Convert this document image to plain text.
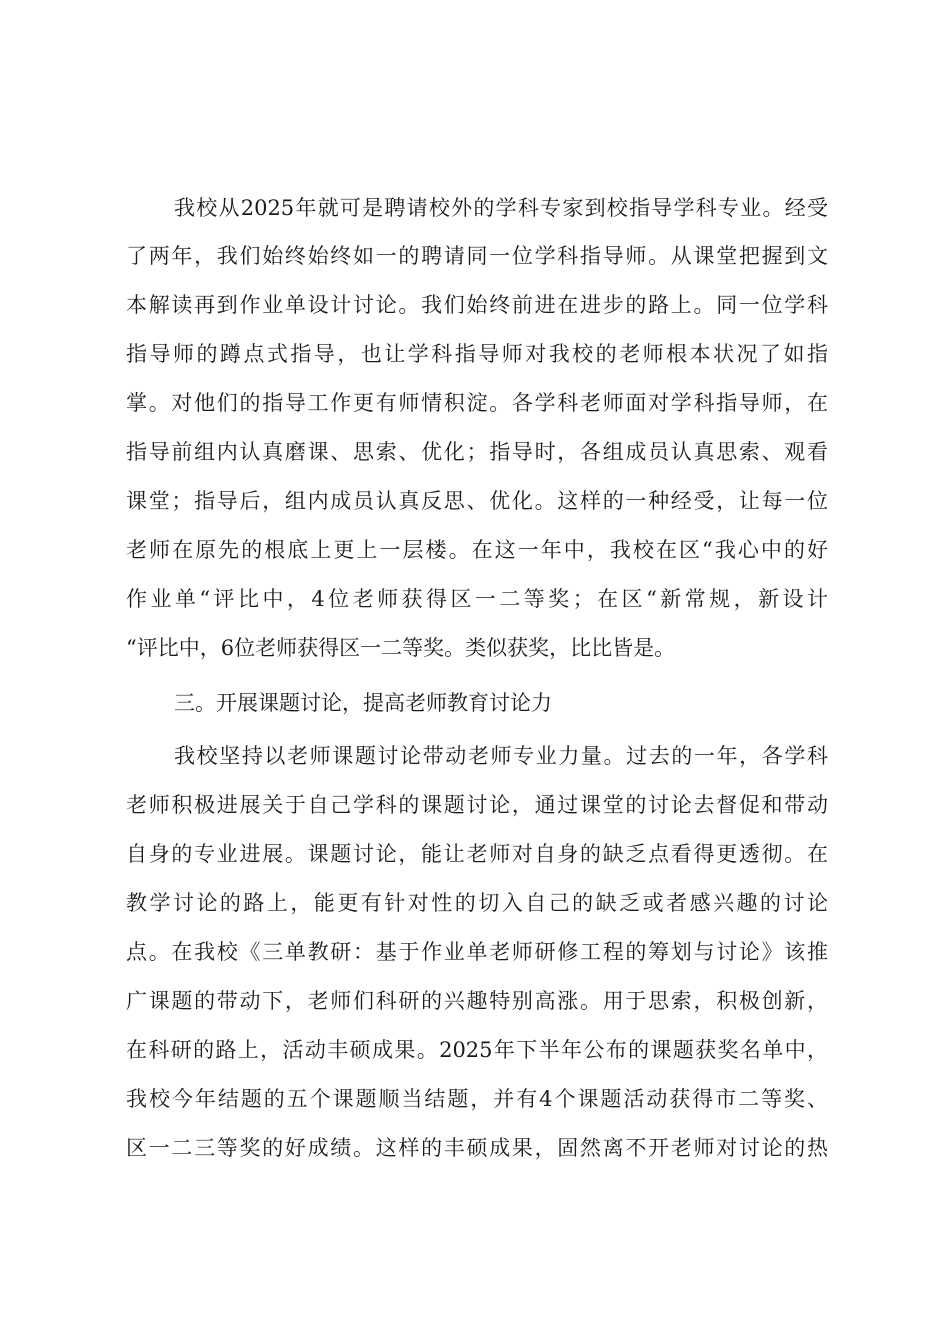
我校从2025年就可是聘请校外的学科专家到校指导学科专业。经受
了两年，我们始终始终如一的聘请同一位学科指导师。从课堂把握到文
本解读再到作业单设计讨论。我们始终前进在进步的路上。同一位学科
指导师的蹲点式指导，也让学科指导师对我校的老师根本状况了如指
掌。对他们的指导工作更有师情积淀。各学科老师面对学科指导师，在
指导前组内认真磨课、思索、优化；指导时，各组成员认真思索、观看
课堂；指导后，组内成员认真反思、优化。这样的一种经受，让每一位
老师在原先的根底上更上一层楼。在这一年中，我校在区“我心中的好
作业单“评比中，4位老师获得区一二等奖；在区“新常规，新设计
“评比中，6位老师获得区一二等奖。类似获奖，比比皆是。
三。开展课题讨论，提高老师教育讨论力
我校坚持以老师课题讨论带动老师专业力量。过去的一年，各学科
老师积极进展关于自己学科的课题讨论，通过课堂的讨论去督促和带动
自身的专业进展。课题讨论，能让老师对自身的缺乏点看得更透彻。在
教学讨论的路上，能更有针对性的切入自己的缺乏或者感兴趣的讨论
点。在我校《三单教研：基于作业单老师研修工程的筹划与讨论》该推
广课题的带动下，老师们科研的兴趣特别高涨。用于思索，积极创新，
在科研的路上，活动丰硕成果。2025年下半年公布的课题获奖名单中，
我校今年结题的五个课题顺当结题，并有4个课题活动获得市二等奖、
区一二三等奖的好成绩。这样的丰硕成果，固然离不开老师对讨论的热
